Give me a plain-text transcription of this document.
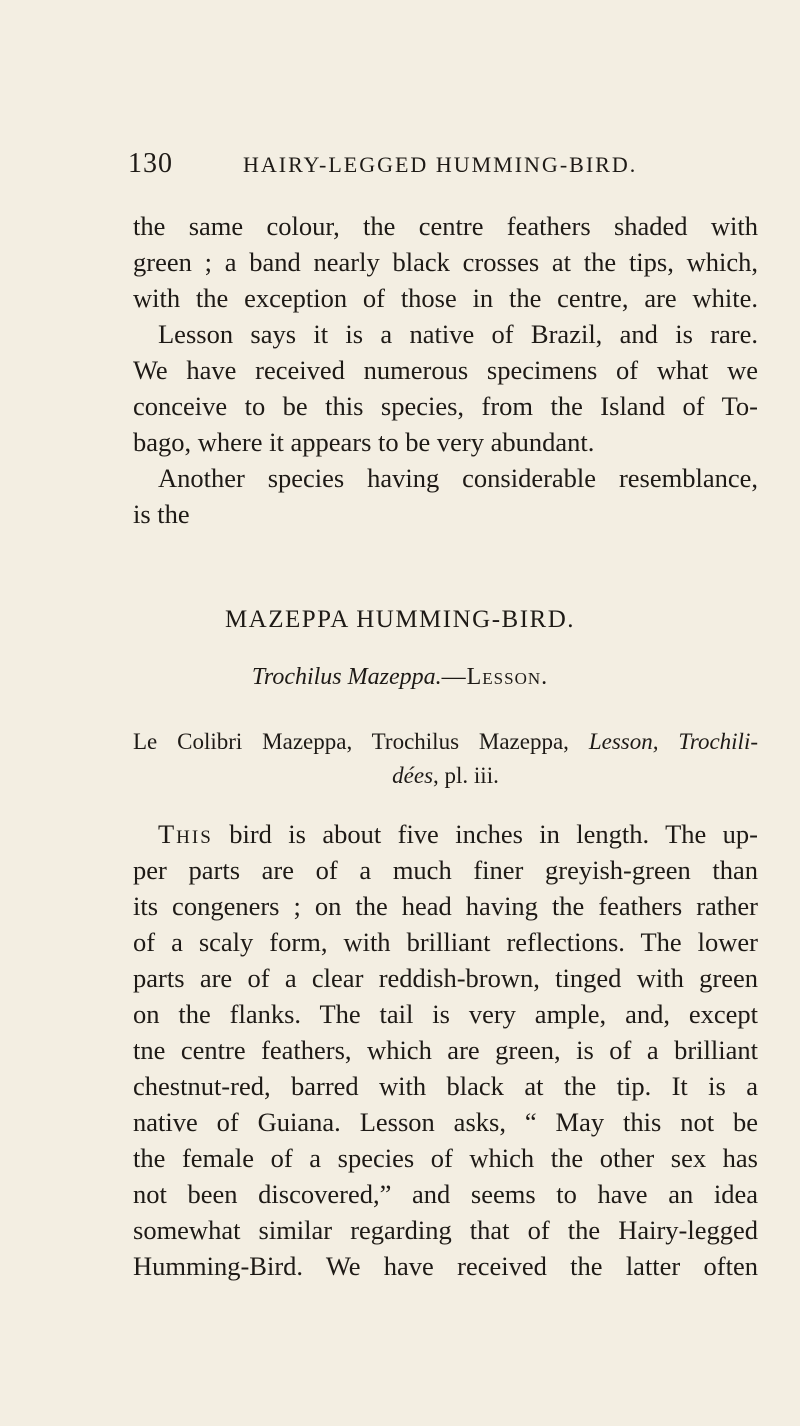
130	HAIRY-LEGGED HUMMING-BIRD.
the same colour, the centre feathers shaded with
green ; a band nearly black crosses at the tips, which,
with the exception of those in the centre, are white.
Lesson says it is a native of Brazil, and is rare.
We have received numerous specimens of what we
conceive to be this species, from the Island of To-
bago, where it appears to be very abundant.
Another species having considerable resemblance,
is the
MAZEPPA HUMMING-BIRD.
Trochilus Mazeppa.—Lesson.
Le Colibri Mazeppa, Trochilus Mazeppa, Lesson, Trochili-
dées, pl. iii.
This bird is about five inches in length. The up-
per parts are of a much finer greyish-green than
its congeners ; on the head having the feathers rather
of a scaly form, with brilliant reflections. The lower
parts are of a clear reddish-brown, tinged with green
on the flanks. The tail is very ample, and, except
tne centre feathers, which are green, is of a brilliant
chestnut-red, barred with black at the tip. It is a
native of Guiana. Lesson asks, “ May this not be
the female of a species of which the other sex has
not been discovered,” and seems to have an idea
somewhat similar regarding that of the Hairy-legged
Humming-Bird. We have received the latter often
